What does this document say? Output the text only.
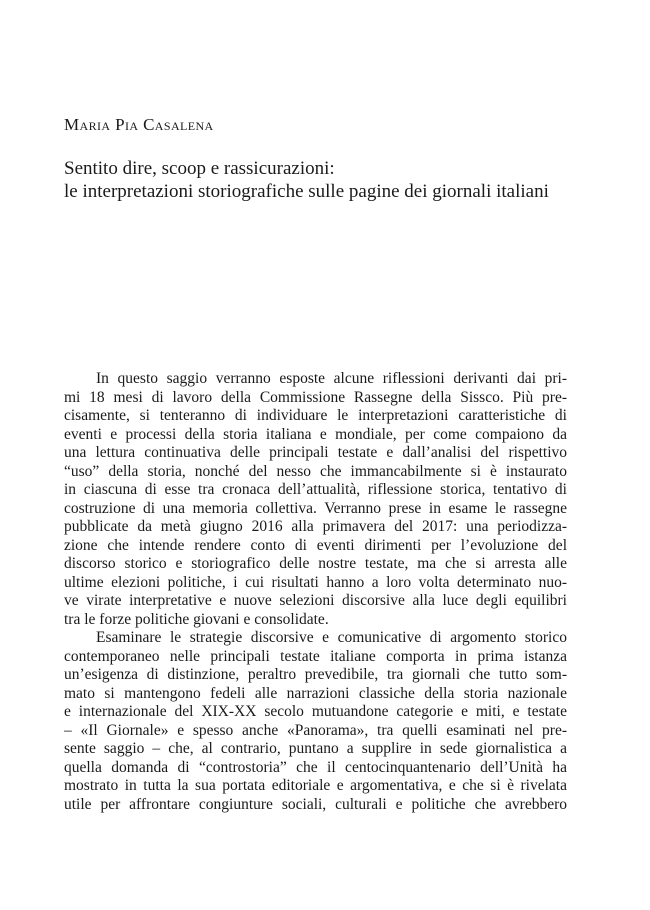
Maria Pia Casalena
Sentito dire, scoop e rassicurazioni:
le interpretazioni storiografiche sulle pagine dei giornali italiani
In questo saggio verranno esposte alcune riflessioni derivanti dai pri-
mi 18 mesi di lavoro della Commissione Rassegne della Sissco. Più pre-
cisamente, si tenteranno di individuare le interpretazioni caratteristiche di
eventi e processi della storia italiana e mondiale, per come compaiono da
una lettura continuativa delle principali testate e dall’analisi del rispettivo
“uso” della storia, nonché del nesso che immancabilmente si è instaurato
in ciascuna di esse tra cronaca dell’attualità, riflessione storica, tentativo di
costruzione di una memoria collettiva. Verranno prese in esame le rassegne
pubblicate da metà giugno 2016 alla primavera del 2017: una periodizza-
zione che intende rendere conto di eventi dirimenti per l’evoluzione del
discorso storico e storiografico delle nostre testate, ma che si arresta alle
ultime elezioni politiche, i cui risultati hanno a loro volta determinato nuo-
ve virate interpretative e nuove selezioni discorsive alla luce degli equilibri
tra le forze politiche giovani e consolidate.
Esaminare le strategie discorsive e comunicative di argomento storico
contemporaneo nelle principali testate italiane comporta in prima istanza
un’esigenza di distinzione, peraltro prevedibile, tra giornali che tutto som-
mato si mantengono fedeli alle narrazioni classiche della storia nazionale
e internazionale del XIX-XX secolo mutuandone categorie e miti, e testate
– «Il Giornale» e spesso anche «Panorama», tra quelli esaminati nel pre-
sente saggio – che, al contrario, puntano a supplire in sede giornalistica a
quella domanda di “controstoria” che il centocinquantenario dell’Unità ha
mostrato in tutta la sua portata editoriale e argomentativa, e che si è rivelata
utile per affrontare congiunture sociali, culturali e politiche che avrebbero
